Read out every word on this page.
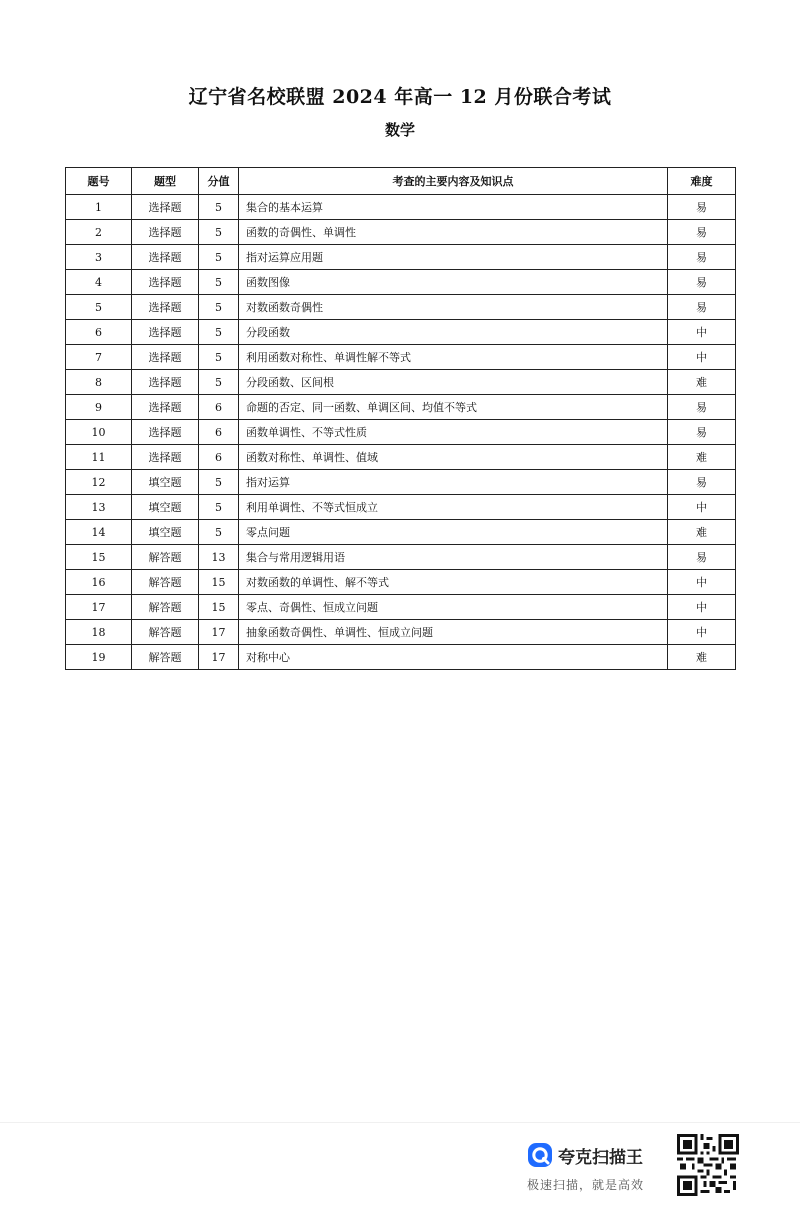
辽宁省名校联盟 2024 年高一 12 月份联合考试
数学
题号	题型	分值	考查的主要内容及知识点	难度
1	选择题	5	集合的基本运算	易
2	选择题	5	函数的奇偶性、单调性	易
3	选择题	5	指对运算应用题	易
4	选择题	5	函数图像	易
5	选择题	5	对数函数奇偶性	易
6	选择题	5	分段函数	中
7	选择题	5	利用函数对称性、单调性解不等式	中
8	选择题	5	分段函数、区间根	难
9	选择题	6	命题的否定、同一函数、单调区间、均值不等式	易
10	选择题	6	函数单调性、不等式性质	易
11	选择题	6	函数对称性、单调性、值域	难
12	填空题	5	指对运算	易
13	填空题	5	利用单调性、不等式恒成立	中
14	填空题	5	零点问题	难
15	解答题	13	集合与常用逻辑用语	易
16	解答题	15	对数函数的单调性、解不等式	中
17	解答题	15	零点、奇偶性、恒成立问题	中
18	解答题	17	抽象函数奇偶性、单调性、恒成立问题	中
19	解答题	17	对称中心	难
夸克扫描王
极速扫描，就是高效
